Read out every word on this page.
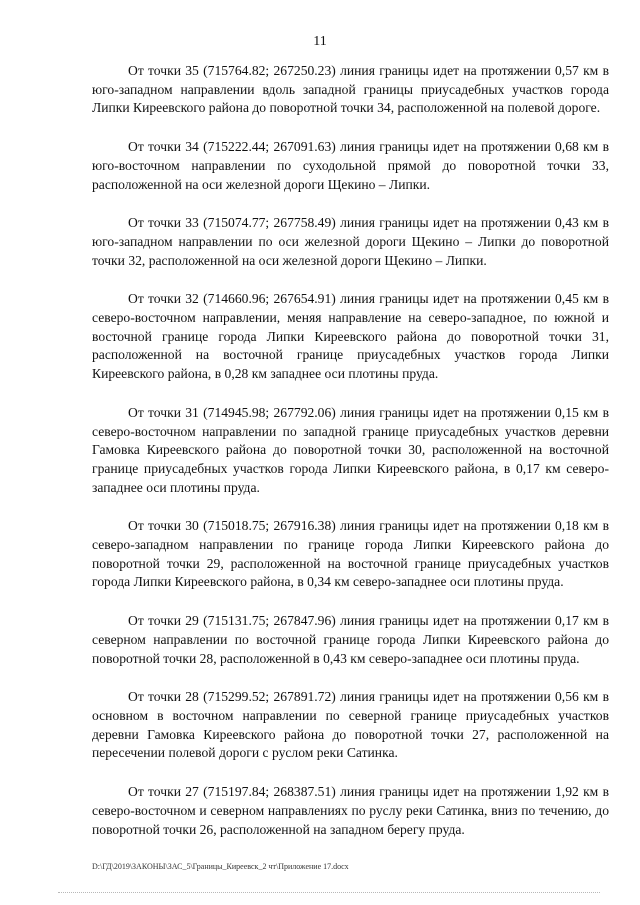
11

От точки 35 (715764.82; 267250.23) линия границы идет на протяжении 0,57 км в юго-западном направлении вдоль западной границы приусадебных участков города Липки Киреевского района до поворотной точки 34, расположенной на полевой дороге.

От точки 34 (715222.44; 267091.63) линия границы идет на протяжении 0,68 км в юго-восточном направлении по суходольной прямой до поворотной точки 33, расположенной на оси железной дороги Щекино – Липки.

От точки 33 (715074.77; 267758.49) линия границы идет на протяжении 0,43 км в юго-западном направлении по оси железной дороги Щекино – Липки до поворотной точки 32, расположенной на оси железной дороги Щекино – Липки.

От точки 32 (714660.96; 267654.91) линия границы идет на протяжении 0,45 км в северо-восточном направлении, меняя направление на северо-западное, по южной и восточной границе города Липки Киреевского района до поворотной точки 31, расположенной на восточной границе приусадебных участков города Липки Киреевского района, в 0,28 км западнее оси плотины пруда.

От точки 31 (714945.98; 267792.06) линия границы идет на протяжении 0,15 км в северо-восточном направлении по западной границе приусадебных участков деревни Гамовка Киреевского района до поворотной точки 30, расположенной на восточной границе приусадебных участков города Липки Киреевского района, в 0,17 км северо-западнее оси плотины пруда.

От точки 30 (715018.75; 267916.38) линия границы идет на протяжении 0,18 км в северо-западном направлении по границе города Липки Киреевского района до поворотной точки 29, расположенной на восточной границе приусадебных участков города Липки Киреевского района, в 0,34 км северо-западнее оси плотины пруда.

От точки 29 (715131.75; 267847.96) линия границы идет на протяжении 0,17 км в северном направлении по восточной границе города Липки Киреевского района до поворотной точки 28, расположенной в 0,43 км северо-западнее оси плотины пруда.

От точки 28 (715299.52; 267891.72) линия границы идет на протяжении 0,56 км в основном в восточном направлении по северной границе приусадебных участков деревни Гамовка Киреевского района до поворотной точки 27, расположенной на пересечении полевой дороги с руслом реки Сатинка.

От точки 27 (715197.84; 268387.51) линия границы идет на протяжении 1,92 км в северо-восточном и северном направлениях по руслу реки Сатинка, вниз по течению, до поворотной точки 26, расположенной на западном берегу пруда.

D:\ГД\2019\ЗАКОНЫ\ЗАС_5\Границы_Киреевск_2 чт\Приложение 17.docx
